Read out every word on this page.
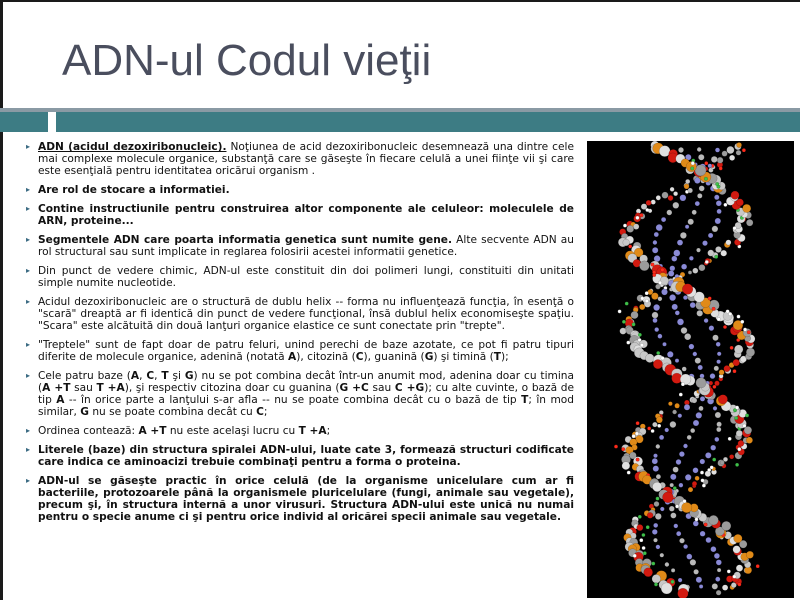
ADN-ul Codul vieţii

▸ ADN (acidul dezoxiribonucleic). Noţiunea de acid dezoxiribonucleic desemnează una dintre cele mai complexe molecule organice, substanţă care se găseşte în fiecare celulă a unei fiinţe vii şi care este esenţială pentru identitatea oricărui organism .

▸ Are rol de stocare a informatiei.

▸ Contine instructiunile pentru construirea altor componente ale celuleor: moleculele de ARN, proteine...

▸ Segmentele ADN care poarta informatia genetica sunt numite gene. Alte secvente ADN au rol structural sau sunt implicate in reglarea folosirii acestei informatii genetice.

▸ Din punct de vedere chimic, ADN-ul este constituit din doi polimeri lungi, constituiti din unitati simple numite nucleotide.

▸ Acidul dezoxiribonucleic are o structură de dublu helix -- forma nu influenţează funcţia, în esenţă o "scară" dreaptă ar fi identică din punct de vedere funcţional, însă dublul helix economiseşte spaţiu. "Scara" este alcătuită din două lanţuri organice elastice ce sunt conectate prin "trepte".

▸ "Treptele" sunt de fapt doar de patru feluri, unind perechi de baze azotate, ce pot fi patru tipuri diferite de molecule organice, adenină (notată A), citozină (C), guanină (G) şi timină (T);

▸ Cele patru baze (A, C, T şi G) nu se pot combina decât într-un anumit mod, adenina doar cu timina (A +T sau T +A), şi respectiv citozina doar cu guanina (G +C sau C +G); cu alte cuvinte, o bază de tip A -- în orice parte a lanţului s-ar afla -- nu se poate combina decât cu o bază de tip T; în mod similar, G nu se poate combina decât cu C;

▸ Ordinea contează: A +T nu este acelaşi lucru cu T +A;

▸ Literele (baze) din structura spiralei ADN-ului, luate cate 3, formează structuri codificate care indica ce aminoacizi trebuie combinaţi pentru a forma o proteina.

▸ ADN-ul se găseşte practic în orice celulă (de la organisme unicelulare cum ar fi bacteriile, protozoarele până la organismele pluricelulare (fungi, animale sau vegetale), precum şi, în structura internă a unor virusuri. Structura ADN-ului este unică nu numai pentru o specie anume ci şi pentru orice individ al oricărei specii animale sau vegetale.
